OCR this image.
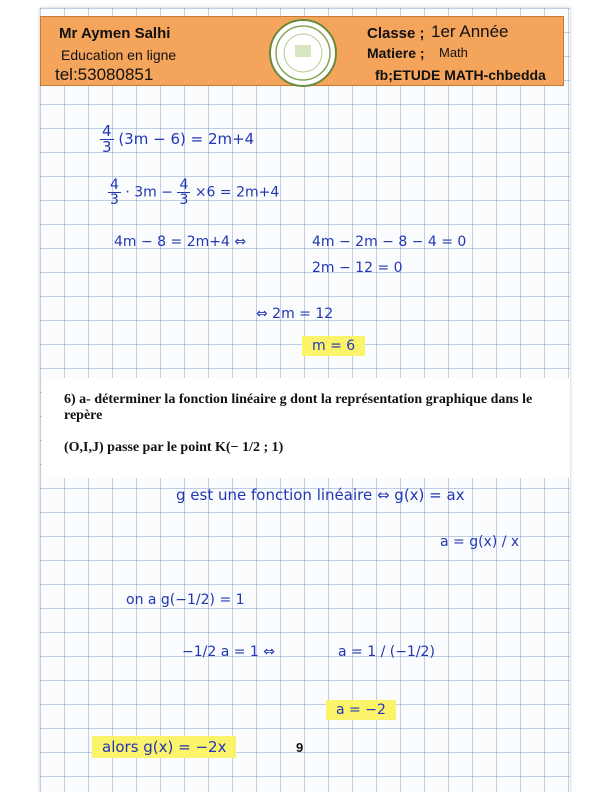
Mr Aymen Salhi
Education en ligne
tel:53080851
Classe ; 1er Année
Matiere ; Math
fb;ETUDE MATH-chbedda
$\frac{4}{3} (3m - 6) = 2m+4$
$\frac{4}{3} \cdot 3m - \frac{4}{3} \times 6 = 2m+4$
4m − 8 = 2m+4 ⇔	4m − 2m − 8 − 4 = 0
2m − 12 = 0
⇔ 2m = 12
m = 6
6) a- déterminer la fonction linéaire g dont la représentation graphique dans le repère
(O,I,J) passe par le point K(− 1/2 ; 1)
g est une fonction linéaire ⇔ g(x) = ax
a = g(x) / x
on a g(−1/2) = 1
−1/2 a = 1 ⇔	a = 1 / (−1/2)
a = −2
alors g(x) = −2x	9
